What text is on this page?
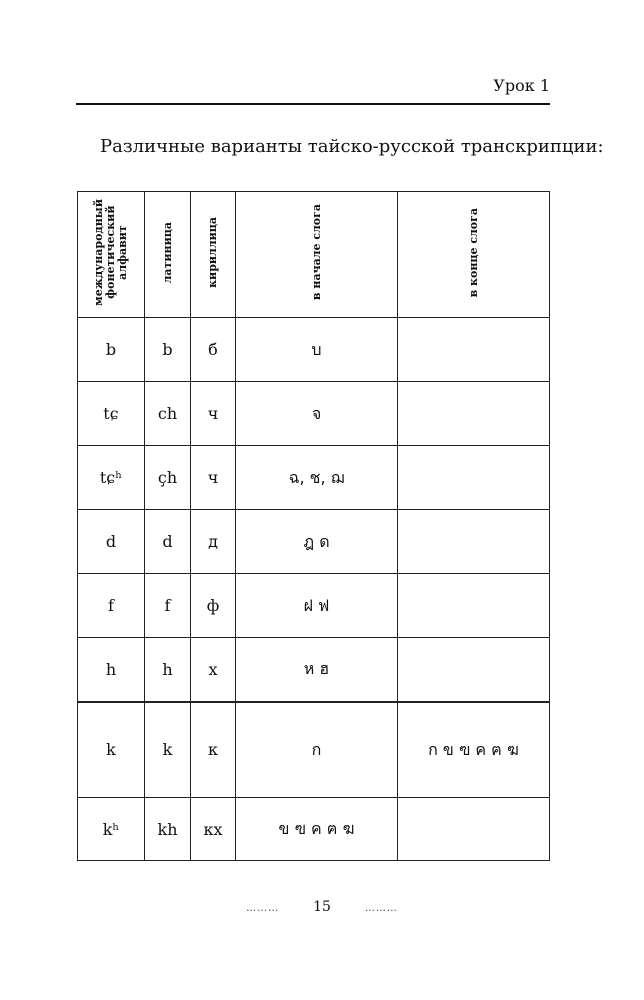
Урок 1
Различные варианты тайско-русской транскрипции:
международный
фонетический
алфавит	латиница	кириллица	в начале слога	в конце слога
b	b	б	บ	
tɕ	ch	ч	จ	
tɕʰ	çh	ч	ฉ, ช, ฌ	
d	d	д	ฎ ด	
f	f	ф	ฝ ฟ	
h	h	х	ห ฮ	
k	k	к	ก	ก ข ฃ ค ฅ ฆ
kʰ	kh	кх	ข ฃ ค ฅ ฆ	
……… 15	………
